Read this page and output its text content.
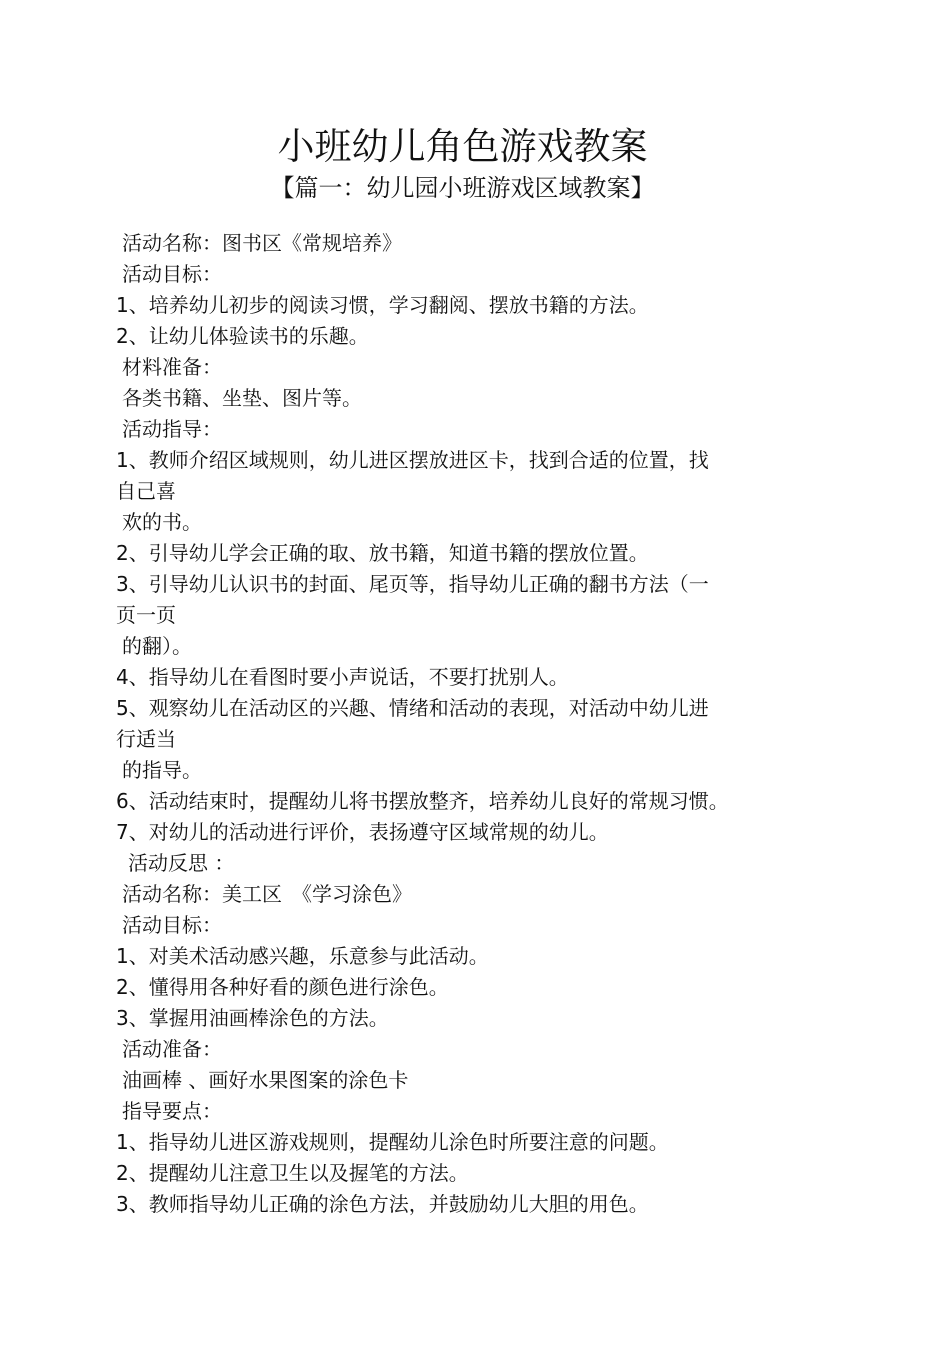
小班幼儿角色游戏教案
【篇一：幼儿园小班游戏区域教案】
活动名称：图书区《常规培养》
活动目标：
1、培养幼儿初步的阅读习惯，学习翻阅、摆放书籍的方法。
2、让幼儿体验读书的乐趣。
材料准备：
各类书籍、坐垫、图片等。
活动指导：
1、教师介绍区域规则，幼儿进区摆放进区卡，找到合适的位置，找
自己喜
欢的书。
2、引导幼儿学会正确的取、放书籍，知道书籍的摆放位置。
3、引导幼儿认识书的封面、尾页等，指导幼儿正确的翻书方法（一
页一页
的翻）。
4、指导幼儿在看图时要小声说话，不要打扰别人。
5、观察幼儿在活动区的兴趣、情绪和活动的表现，对活动中幼儿进
行适当
的指导。
6、活动结束时，提醒幼儿将书摆放整齐，培养幼儿良好的常规习惯。
7、对幼儿的活动进行评价，表扬遵守区域常规的幼儿。
活动反思 ：
活动名称：美工区　《学习涂色》
活动目标：
1、对美术活动感兴趣，乐意参与此活动。
2、懂得用各种好看的颜色进行涂色。
3、掌握用油画棒涂色的方法。
活动准备：
油画棒 、画好水果图案的涂色卡
指导要点：
1、指导幼儿进区游戏规则，提醒幼儿涂色时所要注意的问题。
2、提醒幼儿注意卫生以及握笔的方法。
3、教师指导幼儿正确的涂色方法，并鼓励幼儿大胆的用色。
